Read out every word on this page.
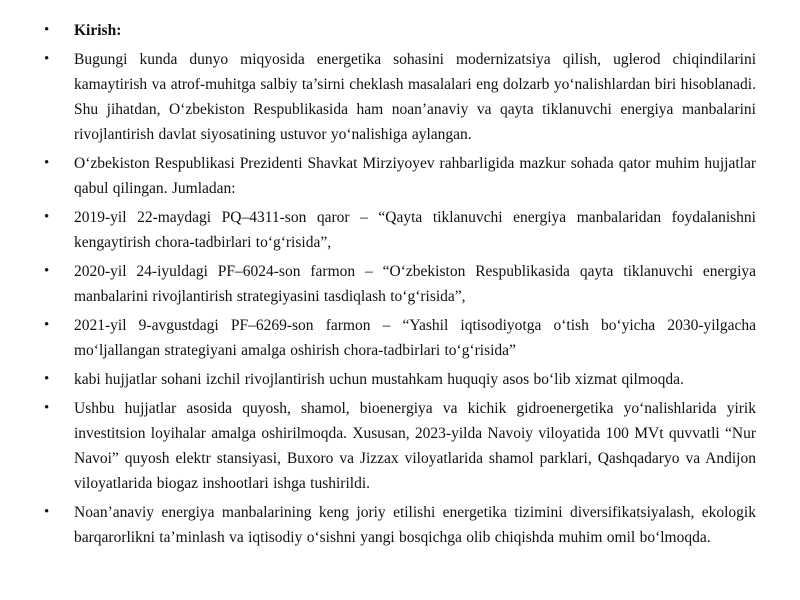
•	Kirish:
•	Bugungi kunda dunyo miqyosida energetika sohasini modernizatsiya qilish, uglerod chiqindilarini kamaytirish va atrof-muhitga salbiy ta’sirni cheklash masalalari eng dolzarb yo‘nalishlardan biri hisoblanadi. Shu jihatdan, O‘zbekiston Respublikasida ham noan’anaviy va qayta tiklanuvchi energiya manbalarini rivojlantirish davlat siyosatining ustuvor yo‘nalishiga aylangan.
•	O‘zbekiston Respublikasi Prezidenti Shavkat Mirziyoyev rahbarligida mazkur sohada qator muhim hujjatlar qabul qilingan. Jumladan:
•	2019-yil 22-maydagi PQ–4311-son qaror – “Qayta tiklanuvchi energiya manbalaridan foydalanishni kengaytirish chora-tadbirlari to‘g‘risida”,
•	2020-yil 24-iyuldagi PF–6024-son farmon – “O‘zbekiston Respublikasida qayta tiklanuvchi energiya manbalarini rivojlantirish strategiyasini tasdiqlash to‘g‘risida”,
•	2021-yil 9-avgustdagi PF–6269-son farmon – “Yashil iqtisodiyotga o‘tish bo‘yicha 2030-yilgacha mo‘ljallangan strategiyani amalga oshirish chora-tadbirlari to‘g‘risida”
•	kabi hujjatlar sohani izchil rivojlantirish uchun mustahkam huquqiy asos bo‘lib xizmat qilmoqda.
•	Ushbu hujjatlar asosida quyosh, shamol, bioenergiya va kichik gidroenergetika yo‘nalishlarida yirik investitsion loyihalar amalga oshirilmoqda. Xususan, 2023-yilda Navoiy viloyatida 100 MVt quvvatli “Nur Navoi” quyosh elektr stansiyasi, Buxoro va Jizzax viloyatlarida shamol parklari, Qashqadaryo va Andijon viloyatlarida biogaz inshootlari ishga tushirildi.
•	Noan’anaviy energiya manbalarining keng joriy etilishi energetika tizimini diversifikatsiyalash, ekologik barqarorlikni ta’minlash va iqtisodiy o‘sishni yangi bosqichga olib chiqishda muhim omil bo‘lmoqda.
